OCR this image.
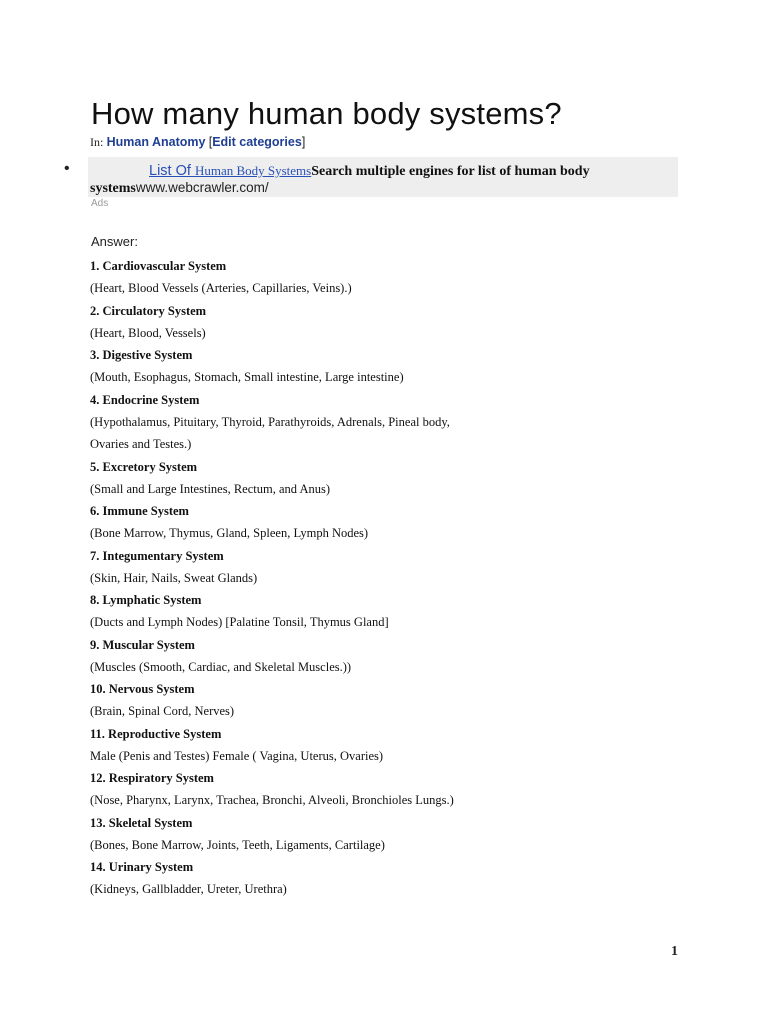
How many human body systems?
In: Human Anatomy [Edit categories]
•	List Of Human Body SystemsSearch multiple engines for list of human body
systemswww.webcrawler.com/
Ads
Answer:
1. Cardiovascular System
(Heart, Blood Vessels (Arteries, Capillaries, Veins).)
2. Circulatory System
(Heart, Blood, Vessels)
3. Digestive System
(Mouth, Esophagus, Stomach, Small intestine, Large intestine)
4. Endocrine System
(Hypothalamus, Pituitary, Thyroid, Parathyroids, Adrenals, Pineal body,
Ovaries and Testes.)
5. Excretory System
(Small and Large Intestines, Rectum, and Anus)
6. Immune System
(Bone Marrow, Thymus, Gland, Spleen, Lymph Nodes)
7. Integumentary System
(Skin, Hair, Nails, Sweat Glands)
8. Lymphatic System
(Ducts and Lymph Nodes) [Palatine Tonsil, Thymus Gland]
9. Muscular System
(Muscles (Smooth, Cardiac, and Skeletal Muscles.))
10. Nervous System
(Brain, Spinal Cord, Nerves)
11. Reproductive System
Male (Penis and Testes) Female ( Vagina, Uterus, Ovaries)
12. Respiratory System
(Nose, Pharynx, Larynx, Trachea, Bronchi, Alveoli, Bronchioles Lungs.)
13. Skeletal System
(Bones, Bone Marrow, Joints, Teeth, Ligaments, Cartilage)
14. Urinary System
(Kidneys, Gallbladder, Ureter, Urethra)
1
